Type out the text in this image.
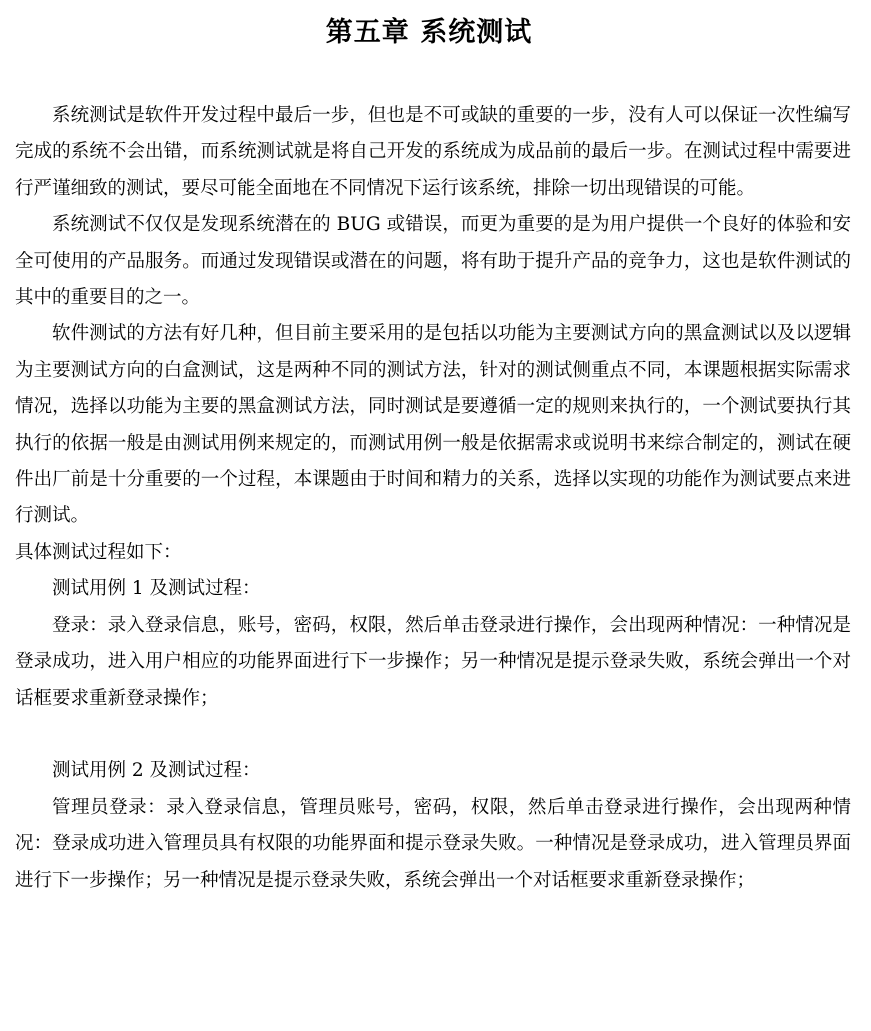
第五章 系统测试

系统测试是软件开发过程中最后一步，但也是不可或缺的重要的一步，没有人可以保证一次性编写完成的系统不会出错，而系统测试就是将自己开发的系统成为成品前的最后一步。在测试过程中需要进行严谨细致的测试，要尽可能全面地在不同情况下运行该系统，排除一切出现错误的可能。

系统测试不仅仅是发现系统潜在的 BUG 或错误，而更为重要的是为用户提供一个良好的体验和安全可使用的产品服务。而通过发现错误或潜在的问题，将有助于提升产品的竞争力，这也是软件测试的其中的重要目的之一。

软件测试的方法有好几种，但目前主要采用的是包括以功能为主要测试方向的黑盒测试以及以逻辑为主要测试方向的白盒测试，这是两种不同的测试方法，针对的测试侧重点不同，本课题根据实际需求情况，选择以功能为主要的黑盒测试方法，同时测试是要遵循一定的规则来执行的，一个测试要执行其执行的依据一般是由测试用例来规定的，而测试用例一般是依据需求或说明书来综合制定的，测试在硬件出厂前是十分重要的一个过程，本课题由于时间和精力的关系，选择以实现的功能作为测试要点来进行测试。

具体测试过程如下：

测试用例 1 及测试过程：

登录：录入登录信息，账号，密码，权限，然后单击登录进行操作，会出现两种情况：一种情况是登录成功，进入用户相应的功能界面进行下一步操作；另一种情况是提示登录失败，系统会弹出一个对话框要求重新登录操作；

测试用例 2 及测试过程：

管理员登录：录入登录信息，管理员账号，密码，权限，然后单击登录进行操作，会出现两种情况：登录成功进入管理员具有权限的功能界面和提示登录失败。一种情况是登录成功，进入管理员界面进行下一步操作；另一种情况是提示登录失败，系统会弹出一个对话框要求重新登录操作；
